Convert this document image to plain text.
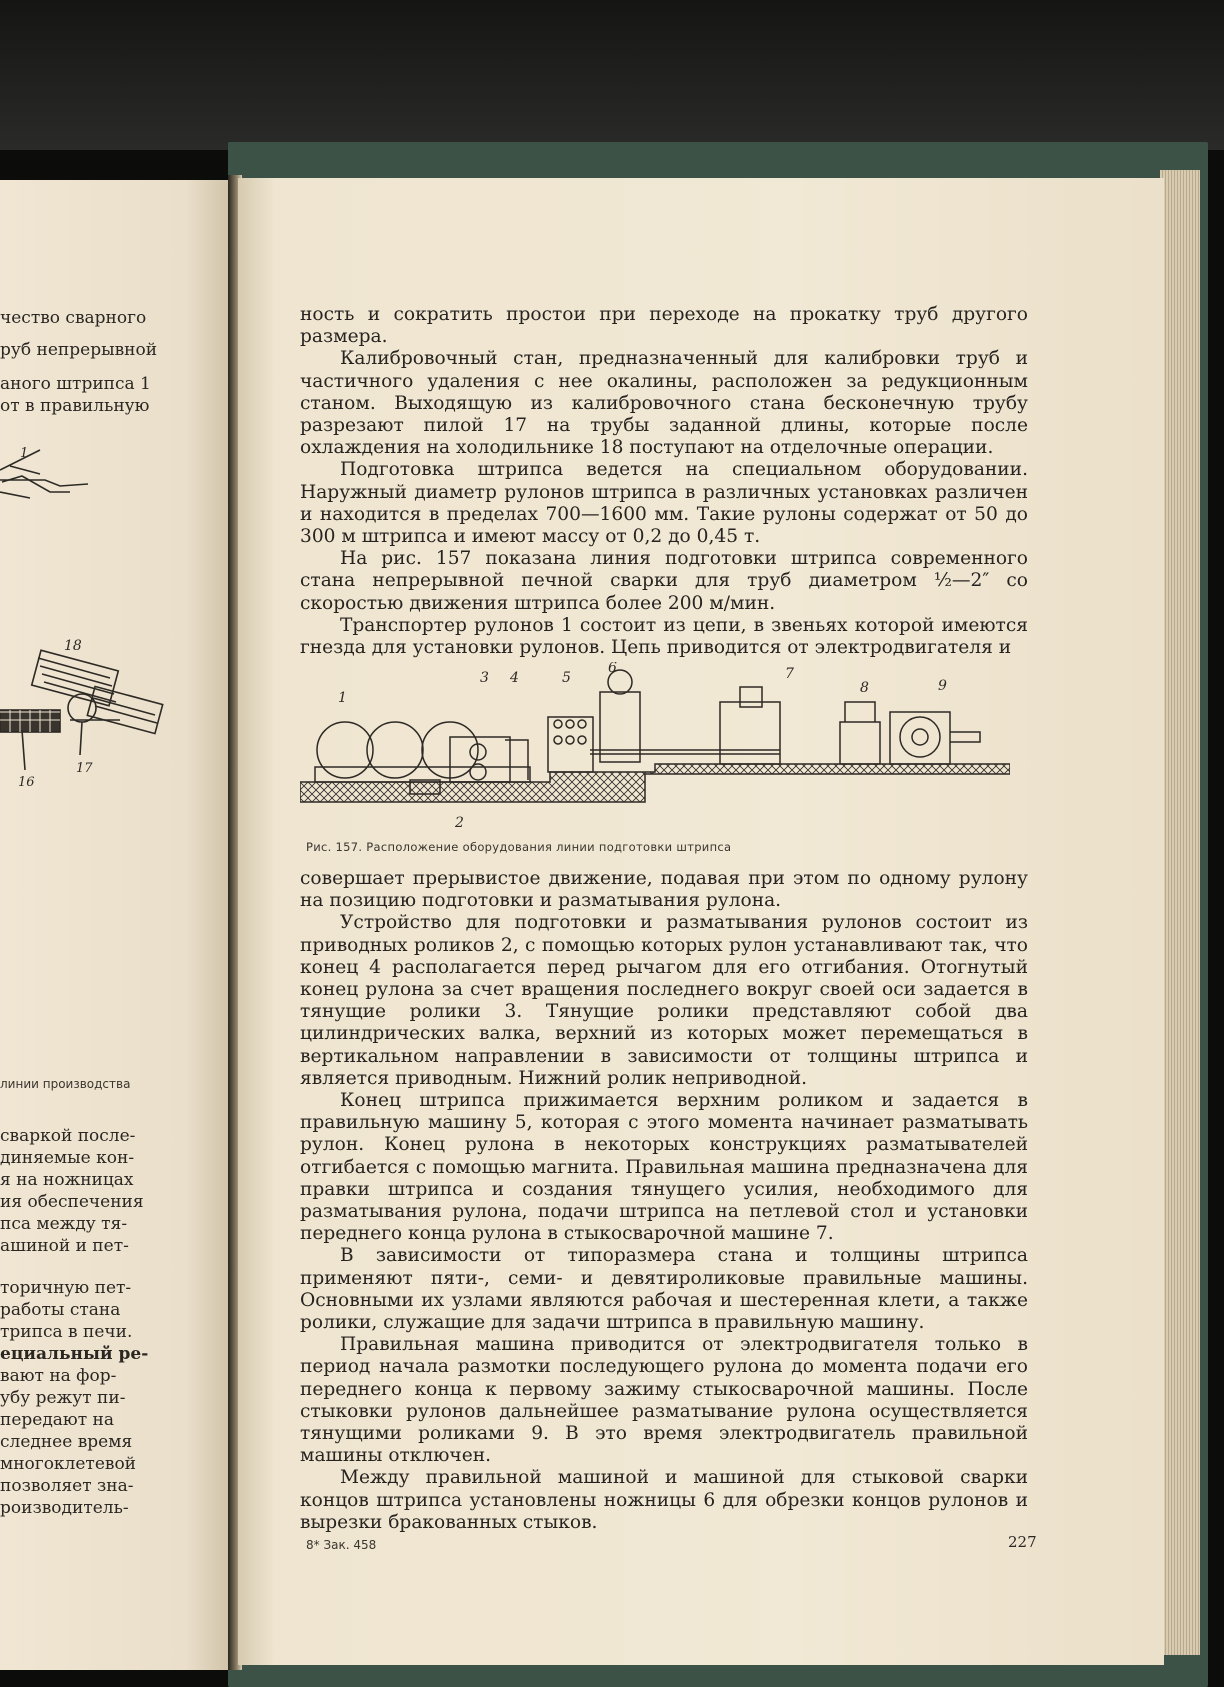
чество сварного
руб непрерывной
аного штрипса 1
от в правильную
1
18
16
17
линии производства
сваркой после-
диняемые кон-
я на ножницах
ия обеспечения
пса между тя-
ашиной и пет-
торичную пет-
работы стана
трипса в печи.
ециальный ре-
вают на фор-
убу режут пи-
передают на
следнее время
многоклетевой
позволяет зна-
роизводитель-

ность и сократить простои при переходе на прокатку труб другого размера.

Калибровочный стан, предназначенный для калибровки труб и частичного удаления с нее окалины, расположен за редукционным станом. Выходящую из калибровочного стана бесконечную трубу разрезают пилой 17 на трубы заданной длины, которые после охлаждения на холодильнике 18 поступают на отделочные операции.

Подготовка штрипса ведется на специальном оборудовании. Наружный диаметр рулонов штрипса в различных установках различен и находится в пределах 700—1600 мм. Такие рулоны содержат от 50 до 300 м штрипса и имеют массу от 0,2 до 0,45 т.

На рис. 157 показана линия подготовки штрипса современного стана непрерывной печной сварки для труб диаметром ½—2″ со скоростью движения штрипса более 200 м/мин.

Транспортер рулонов 1 состоит из цепи, в звеньях которой имеются гнезда для установки рулонов. Цепь приводится от электродвигателя и

1
2
3 4	5
6	7
8	9
Рис. 157. Расположение оборудования линии подготовки штрипса

совершает прерывистое движение, подавая при этом по одному рулону на позицию подготовки и разматывания рулона.

Устройство для подготовки и разматывания рулонов состоит из приводных роликов 2, с помощью которых рулон устанавливают так, что конец 4 располагается перед рычагом для его отгибания. Отогнутый конец рулона за счет вращения последнего вокруг своей оси задается в тянущие ролики 3. Тянущие ролики представляют собой два цилиндрических валка, верхний из которых может перемещаться в вертикальном направлении в зависимости от толщины штрипса и является приводным. Нижний ролик неприводной.

Конец штрипса прижимается верхним роликом и задается в правильную машину 5, которая с этого момента начинает разматывать рулон. Конец рулона в некоторых конструкциях разматывателей отгибается с помощью магнита. Правильная машина предназначена для правки штрипса и создания тянущего усилия, необходимого для разматывания рулона, подачи штрипса на петлевой стол и установки переднего конца рулона в стыкосварочной машине 7.

В зависимости от типоразмера стана и толщины штрипса применяют пяти-, семи- и девятироликовые правильные машины. Основными их узлами являются рабочая и шестеренная клети, а также ролики, служащие для задачи штрипса в правильную машину.

Правильная машина приводится от электродвигателя только в период начала размотки последующего рулона до момента подачи его переднего конца к первому зажиму стыкосварочной машины. После стыковки рулонов дальнейшее разматывание рулона осуществляется тянущими роликами 9. В это время электродвигатель правильной машины отключен.

Между правильной машиной и машиной для стыковой сварки концов штрипса установлены ножницы 6 для обрезки концов рулонов и вырезки бракованных стыков.

8* Зак. 458	227
